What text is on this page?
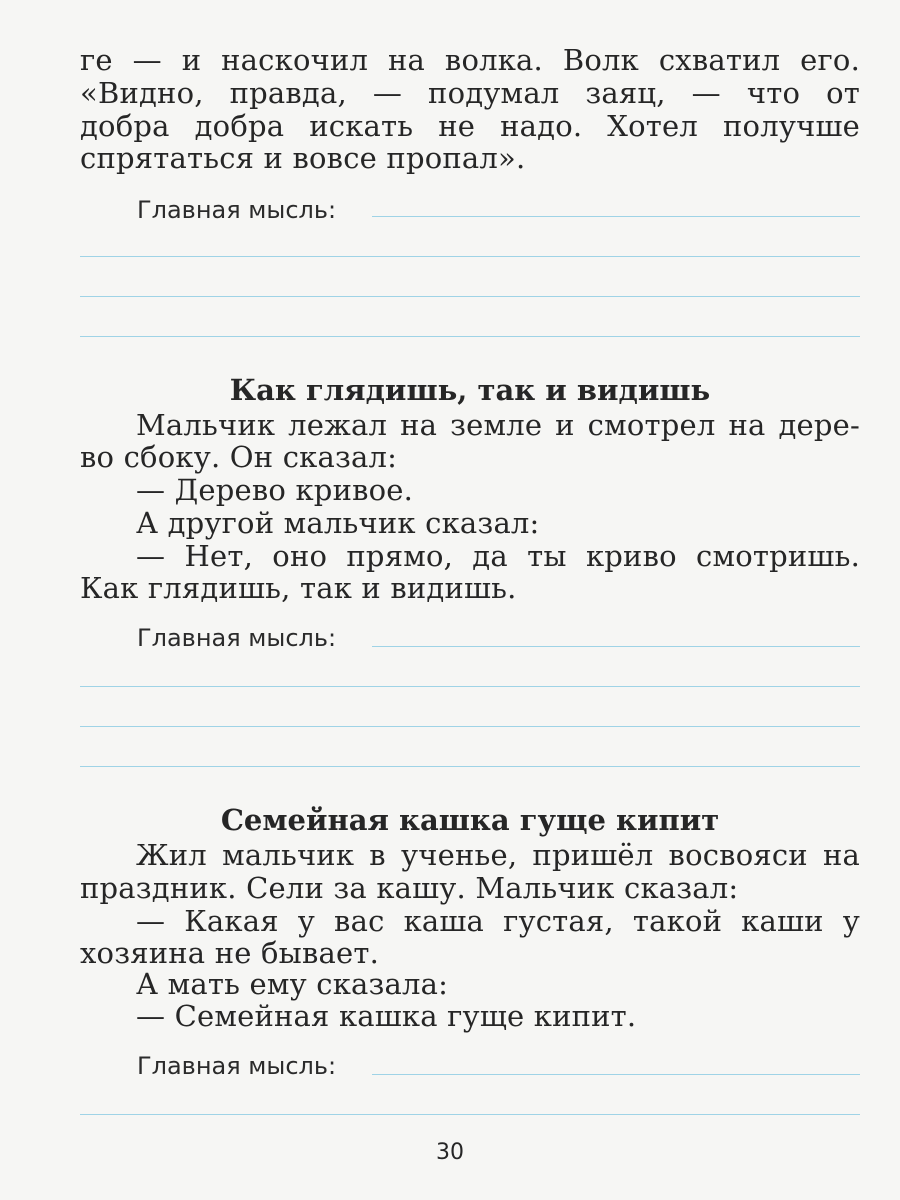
ге — и наскочил на волка. Волк схватил его.
«Видно, правда, — подумал заяц, — что от
добра добра искать не надо. Хотел получше
спрятаться и вовсе пропал».
Главная мысль:
Как глядишь, так и видишь
Мальчик лежал на земле и смотрел на дере-
во сбоку. Он сказал:
— Дерево кривое.
А другой мальчик сказал:
— Нет, оно прямо, да ты криво смотришь.
Как глядишь, так и видишь.
Главная мысль:
Семейная кашка гуще кипит
Жил мальчик в ученье, пришёл восвояси на
праздник. Сели за кашу. Мальчик сказал:
— Какая у вас каша густая, такой каши у
хозяина не бывает.
А мать ему сказала:
— Семейная кашка гуще кипит.
Главная мысль:
30
